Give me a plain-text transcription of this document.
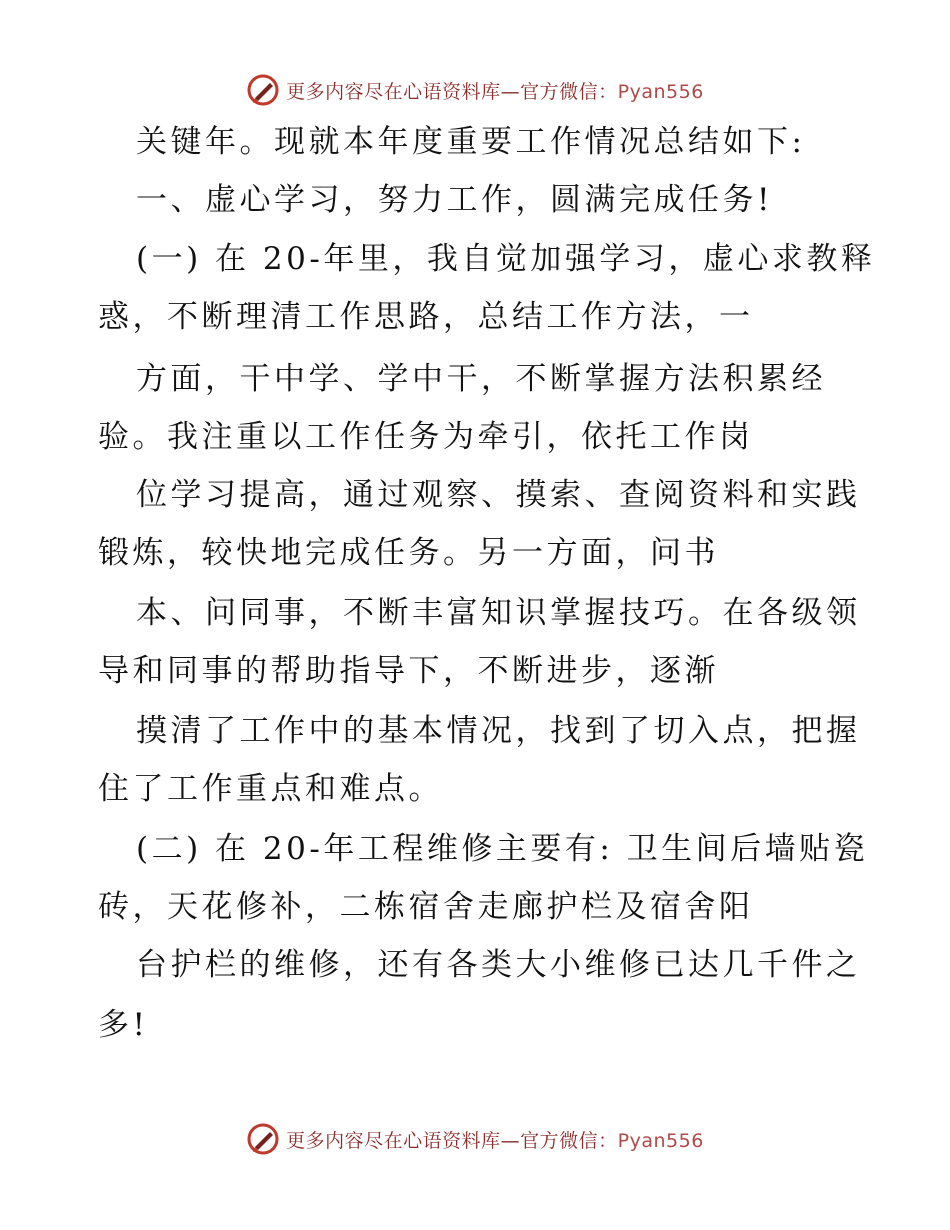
更多内容尽在心语资料库—官方微信：Pyan556
关键年。现就本年度重要工作情况总结如下:
一、虚心学习，努力工作，圆满完成任务!
(一) 在 20-年里，我自觉加强学习，虚心求教释
惑，不断理清工作思路，总结工作方法，一
方面，干中学、学中干，不断掌握方法积累经
验。我注重以工作任务为牵引，依托工作岗
位学习提高，通过观察、摸索、查阅资料和实践
锻炼，较快地完成任务。另一方面，问书
本、问同事，不断丰富知识掌握技巧。在各级领
导和同事的帮助指导下，不断进步，逐渐
摸清了工作中的基本情况，找到了切入点，把握
住了工作重点和难点。
(二) 在 20-年工程维修主要有: 卫生间后墙贴瓷
砖，天花修补，二栋宿舍走廊护栏及宿舍阳
台护栏的维修，还有各类大小维修已达几千件之
多!
更多内容尽在心语资料库—官方微信：Pyan556
